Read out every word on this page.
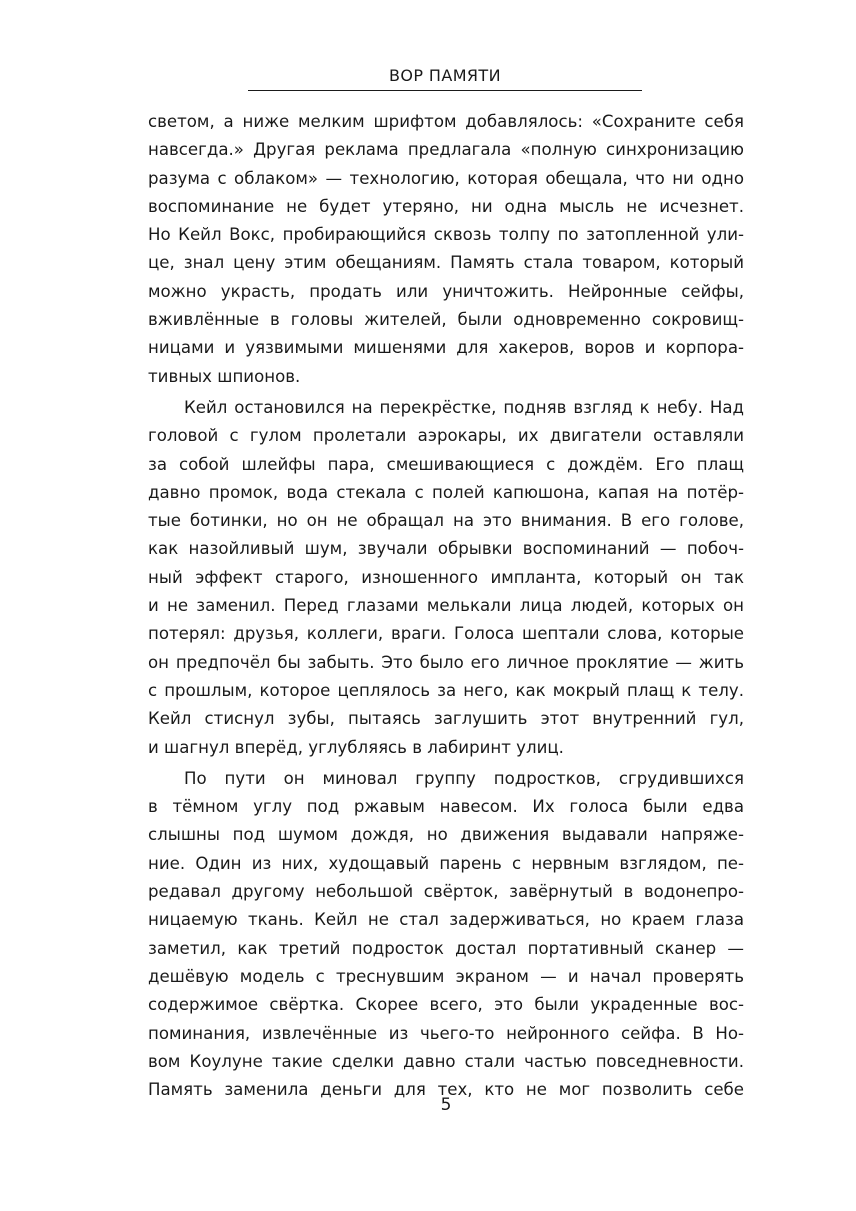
ВОР ПАМЯТИ
светом, а ниже мелким шрифтом добавлялось: «Сохраните себя
навсегда.» Другая реклама предлагала «полную синхронизацию
разума с облаком» — технологию, которая обещала, что ни одно
воспоминание не будет утеряно, ни одна мысль не исчезнет.
Но Кейл Вокс, пробирающийся сквозь толпу по затопленной ули-
це, знал цену этим обещаниям. Память стала товаром, который
можно украсть, продать или уничтожить. Нейронные сейфы,
вживлённые в головы жителей, были одновременно сокровищ-
ницами и уязвимыми мишенями для хакеров, воров и корпора-
тивных шпионов.
Кейл остановился на перекрёстке, подняв взгляд к небу. Над
головой с гулом пролетали аэрокары, их двигатели оставляли
за собой шлейфы пара, смешивающиеся с дождём. Его плащ
давно промок, вода стекала с полей капюшона, капая на потёр-
тые ботинки, но он не обращал на это внимания. В его голове,
как назойливый шум, звучали обрывки воспоминаний — побоч-
ный эффект старого, изношенного импланта, который он так
и не заменил. Перед глазами мелькали лица людей, которых он
потерял: друзья, коллеги, враги. Голоса шептали слова, которые
он предпочёл бы забыть. Это было его личное проклятие — жить
с прошлым, которое цеплялось за него, как мокрый плащ к телу.
Кейл стиснул зубы, пытаясь заглушить этот внутренний гул,
и шагнул вперёд, углубляясь в лабиринт улиц.
По пути он миновал группу подростков, сгрудившихся
в тёмном углу под ржавым навесом. Их голоса были едва
слышны под шумом дождя, но движения выдавали напряже-
ние. Один из них, худощавый парень с нервным взглядом, пе-
редавал другому небольшой свёрток, завёрнутый в водонепро-
ницаемую ткань. Кейл не стал задерживаться, но краем глаза
заметил, как третий подросток достал портативный сканер —
дешёвую модель с треснувшим экраном — и начал проверять
содержимое свёртка. Скорее всего, это были украденные вос-
поминания, извлечённые из чьего-то нейронного сейфа. В Но-
вом Коулуне такие сделки давно стали частью повседневности.
Память заменила деньги для тех, кто не мог позволить себе
5
